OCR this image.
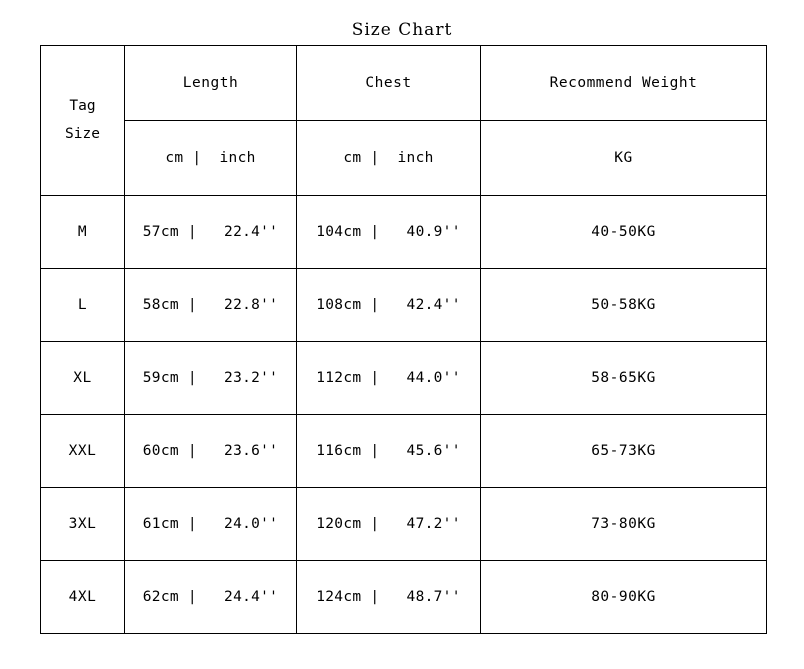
Size Chart
Tag
Size	Length	Chest	Recommend Weight
	cm |  inch	cm |  inch	KG
M	57cm |   22.4''	104cm |   40.9''	40-50KG
L	58cm |   22.8''	108cm |   42.4''	50-58KG
XL	59cm |   23.2''	112cm |   44.0''	58-65KG
XXL	60cm |   23.6''	116cm |   45.6''	65-73KG
3XL	61cm |   24.0''	120cm |   47.2''	73-80KG
4XL	62cm |   24.4''	124cm |   48.7''	80-90KG
